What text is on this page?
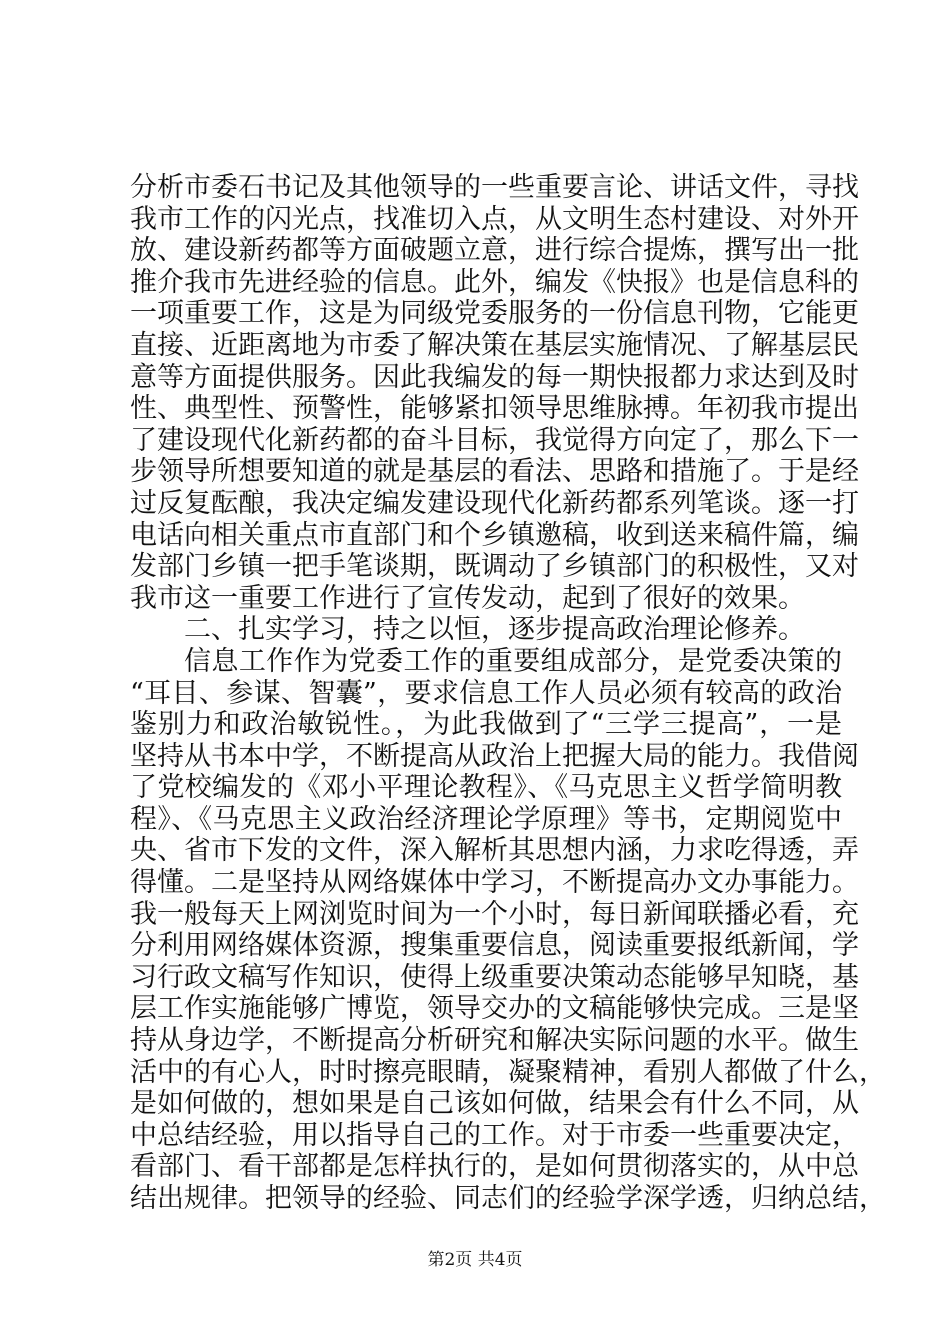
分析市委石书记及其他领导的一些重要言论、讲话文件，寻找
我市工作的闪光点，找准切入点，从文明生态村建设、对外开
放、建设新药都等方面破题立意，进行综合提炼，撰写出一批
推介我市先进经验的信息。此外，编发《快报》也是信息科的
一项重要工作，这是为同级党委服务的一份信息刊物，它能更
直接、近距离地为市委了解决策在基层实施情况、了解基层民
意等方面提供服务。因此我编发的每一期快报都力求达到及时
性、典型性、预警性，能够紧扣领导思维脉搏。年初我市提出
了建设现代化新药都的奋斗目标，我觉得方向定了，那么下一
步领导所想要知道的就是基层的看法、思路和措施了。于是经
过反复酝酿，我决定编发建设现代化新药都系列笔谈。逐一打
电话向相关重点市直部门和个乡镇邀稿，收到送来稿件篇，编
发部门乡镇一把手笔谈期，既调动了乡镇部门的积极性，又对
我市这一重要工作进行了宣传发动，起到了很好的效果。
二、扎实学习，持之以恒，逐步提高政治理论修养。
信息工作作为党委工作的重要组成部分，是党委决策的
“耳目、参谋、智囊”，要求信息工作人员必须有较高的政治
鉴别力和政治敏锐性。，为此我做到了“三学三提高”，一是
坚持从书本中学，不断提高从政治上把握大局的能力。我借阅
了党校编发的《邓小平理论教程》、《马克思主义哲学简明教
程》、《马克思主义政治经济理论学原理》等书，定期阅览中
央、省市下发的文件，深入解析其思想内涵，力求吃得透，弄
得懂。二是坚持从网络媒体中学习，不断提高办文办事能力。
我一般每天上网浏览时间为一个小时，每日新闻联播必看，充
分利用网络媒体资源，搜集重要信息，阅读重要报纸新闻，学
习行政文稿写作知识，使得上级重要决策动态能够早知晓，基
层工作实施能够广博览，领导交办的文稿能够快完成。三是坚
持从身边学，不断提高分析研究和解决实际问题的水平。做生
活中的有心人，时时擦亮眼睛，凝聚精神，看别人都做了什么，
是如何做的，想如果是自己该如何做，结果会有什么不同，从
中总结经验，用以指导自己的工作。对于市委一些重要决定，
看部门、看干部都是怎样执行的，是如何贯彻落实的，从中总
结出规律。把领导的经验、同志们的经验学深学透，归纳总结，
第2页 共4页
